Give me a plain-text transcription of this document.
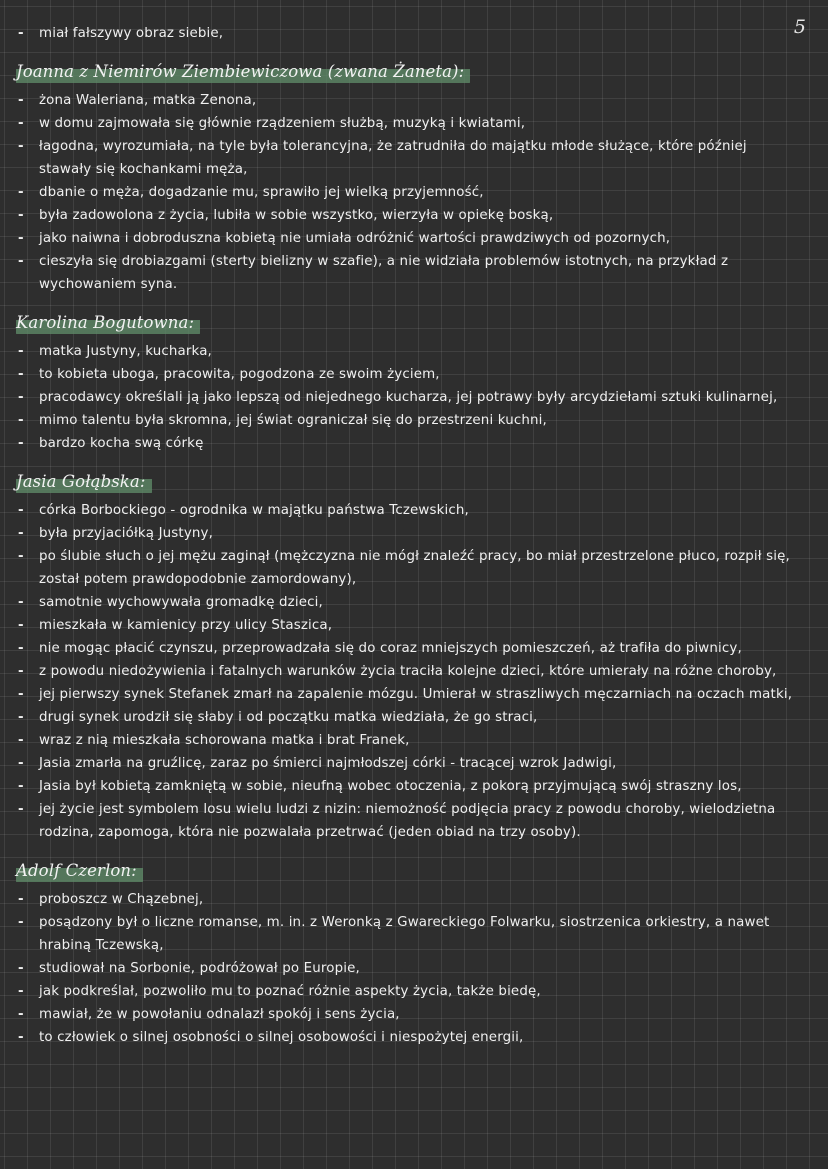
5
- miał fałszywy obraz siebie,
Joanna z Niemirów Ziembiewiczowa (zwana Żaneta):
- żona Waleriana, matka Zenona,
- w domu zajmowała się głównie rządzeniem służbą, muzyką i kwiatami,
- łagodna, wyrozumiała, na tyle była tolerancyjna, że zatrudniła do majątku młode służące, które później stawały się kochankami męża,
- dbanie o męża, dogadzanie mu, sprawiło jej wielką przyjemność,
- była zadowolona z życia, lubiła w sobie wszystko, wierzyła w opiekę boską,
- jako naiwna i dobroduszna kobietą nie umiała odróżnić wartości prawdziwych od pozornych,
- cieszyła się drobiazgami (sterty bielizny w szafie), a nie widziała problemów istotnych, na przykład z wychowaniem syna.
Karolina Bogutowna:
- matka Justyny, kucharka,
- to kobieta uboga, pracowita, pogodzona ze swoim życiem,
- pracodawcy określali ją jako lepszą od niejednego kucharza, jej potrawy były arcydziełami sztuki kulinarnej,
- mimo talentu była skromna, jej świat ograniczał się do przestrzeni kuchni,
- bardzo kocha swą córkę
Jasia Gołąbska:
- córka Borbockiego - ogrodnika w majątku państwa Tczewskich,
- była przyjaciółką Justyny,
- po ślubie słuch o jej mężu zaginął (mężczyzna nie mógł znaleźć pracy, bo miał przestrzelone płuco, rozpił się, został potem prawdopodobnie zamordowany),
- samotnie wychowywała gromadkę dzieci,
- mieszkała w kamienicy przy ulicy Staszica,
- nie mogąc płacić czynszu, przeprowadzała się do coraz mniejszych pomieszczeń, aż trafiła do piwnicy,
- z powodu niedożywienia i fatalnych warunków życia traciła kolejne dzieci, które umierały na różne choroby,
- jej pierwszy synek Stefanek zmarł na zapalenie mózgu. Umierał w straszliwych męczarniach na oczach matki,
- drugi synek urodził się słaby i od początku matka wiedziała, że go straci,
- wraz z nią mieszkała schorowana matka i brat Franek,
- Jasia zmarła na gruźlicę, zaraz po śmierci najmłodszej córki - tracącej wzrok Jadwigi,
- Jasia był kobietą zamkniętą w sobie, nieufną wobec otoczenia, z pokorą przyjmującą swój straszny los,
- jej życie jest symbolem losu wielu ludzi z nizin: niemożność podjęcia pracy z powodu choroby, wielodzietna rodzina, zapomoga, która nie pozwalała przetrwać (jeden obiad na trzy osoby).
Adolf Czerlon:
- proboszcz w Chązebnej,
- posądzony był o liczne romanse, m. in. z Weronką z Gwareckiego Folwarku, siostrzenica orkiestry, a nawet hrabiną Tczewską,
- studiował na Sorbonie, podróżował po Europie,
- jak podkreślał, pozwoliło mu to poznać różnie aspekty życia, także biedę,
- mawiał, że w powołaniu odnalazł spokój i sens życia,
- to człowiek o silnej osobności o silnej osobowości i niespożytej energii,
